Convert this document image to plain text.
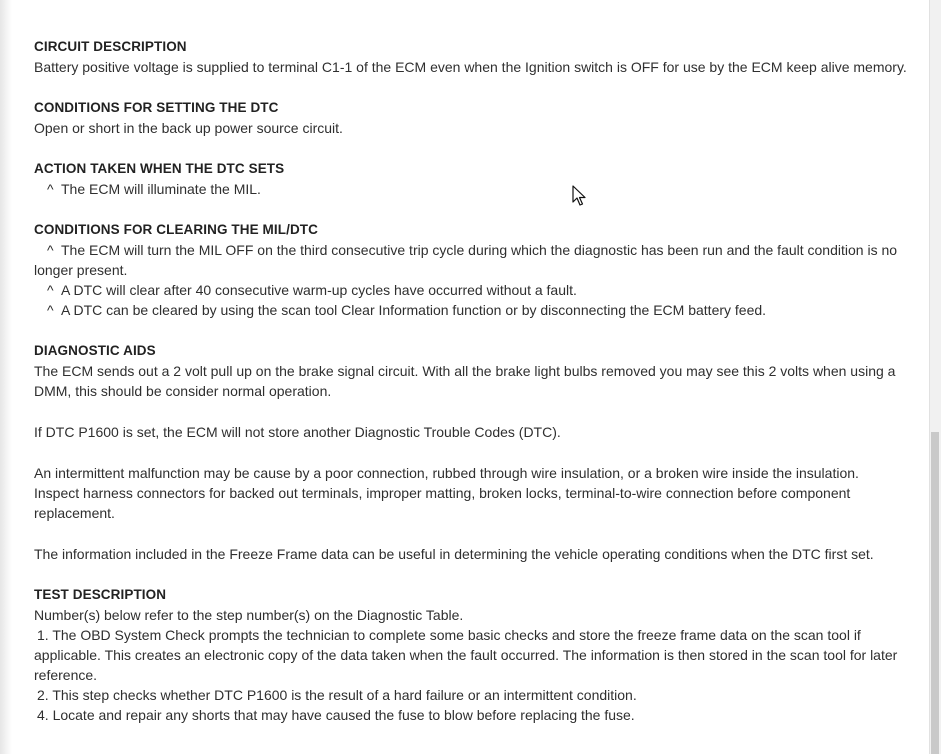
CIRCUIT DESCRIPTION

Battery positive voltage is supplied to terminal C1-1 of the ECM even when the Ignition switch is OFF for use by the ECM keep alive memory.

CONDITIONS FOR SETTING THE DTC

Open or short in the back up power source circuit.

ACTION TAKEN WHEN THE DTC SETS

^ The ECM will illuminate the MIL.

CONDITIONS FOR CLEARING THE MIL/DTC

^ The ECM will turn the MIL OFF on the third consecutive trip cycle during which the diagnostic has been run and the fault condition is no

longer present.

^ A DTC will clear after 40 consecutive warm-up cycles have occurred without a fault.

^ A DTC can be cleared by using the scan tool Clear Information function or by disconnecting the ECM battery feed.

DIAGNOSTIC AIDS

The ECM sends out a 2 volt pull up on the brake signal circuit. With all the brake light bulbs removed you may see this 2 volts when using a

DMM, this should be consider normal operation.

If DTC P1600 is set, the ECM will not store another Diagnostic Trouble Codes (DTC).

An intermittent malfunction may be cause by a poor connection, rubbed through wire insulation, or a broken wire inside the insulation.

Inspect harness connectors for backed out terminals, improper matting, broken locks, terminal-to-wire connection before component

replacement.

The information included in the Freeze Frame data can be useful in determining the vehicle operating conditions when the DTC first set.

TEST DESCRIPTION

Number(s) below refer to the step number(s) on the Diagnostic Table.

1. The OBD System Check prompts the technician to complete some basic checks and store the freeze frame data on the scan tool if

applicable. This creates an electronic copy of the data taken when the fault occurred. The information is then stored in the scan tool for later

reference.

2. This step checks whether DTC P1600 is the result of a hard failure or an intermittent condition.

4. Locate and repair any shorts that may have caused the fuse to blow before replacing the fuse.
